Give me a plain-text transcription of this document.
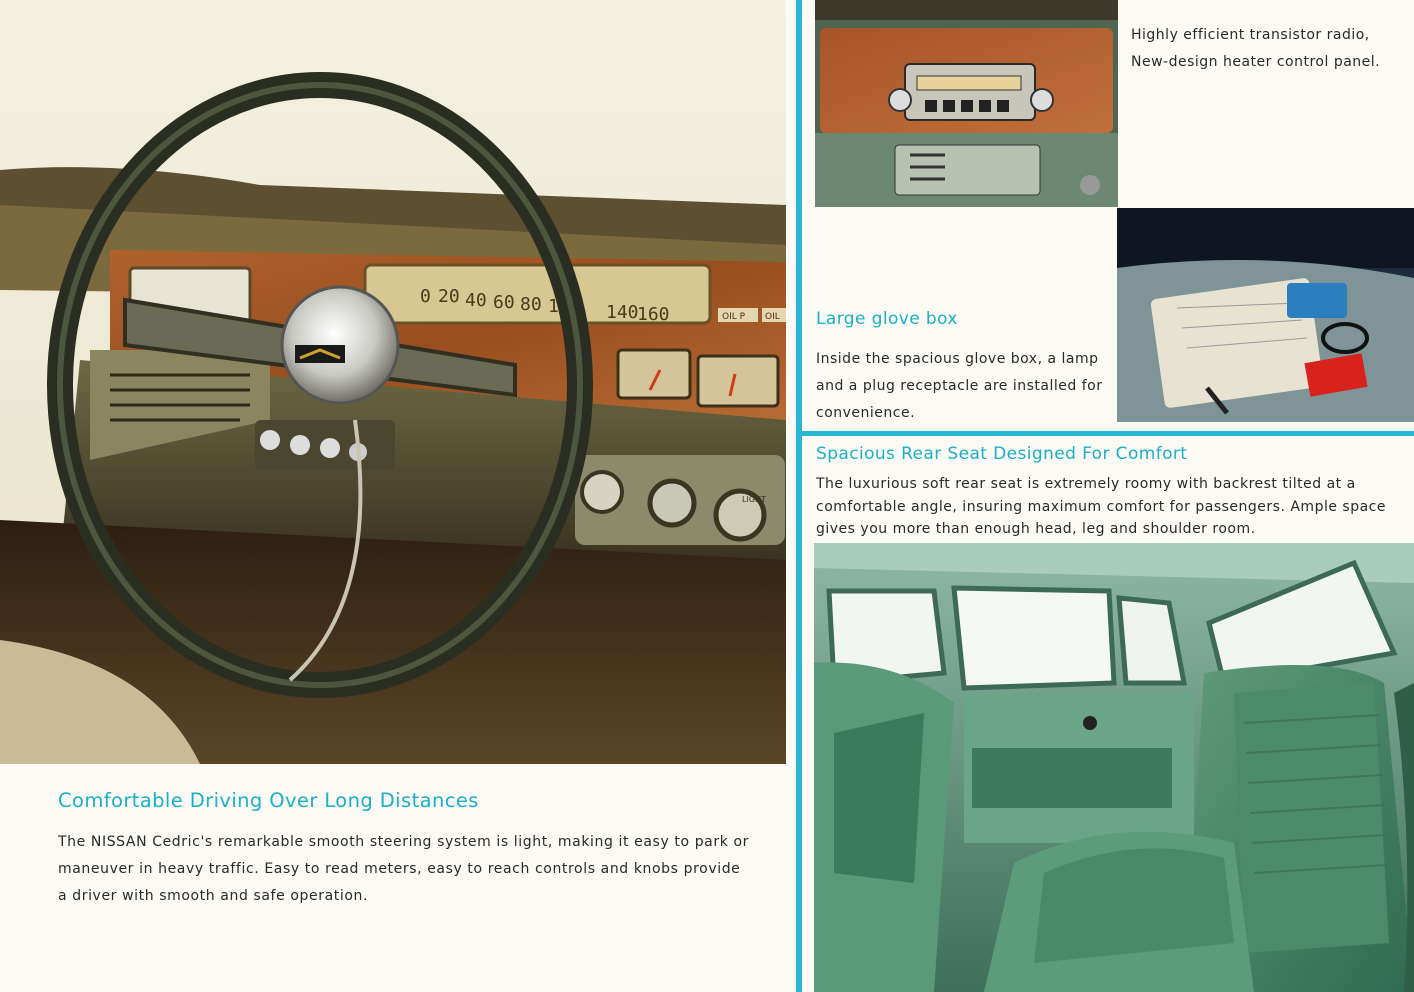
0 20 40 60 80 100 140
160	OIL P OIL
LIGHT
Comfortable Driving Over Long Distances
The NISSAN Cedric's remarkable smooth steering system is light, making it easy to park or
maneuver in heavy traffic. Easy to read meters, easy to reach controls and knobs provide
a driver with smooth and safe operation.
Highly efficient transistor radio,
New-design heater control panel.
Large glove box
Inside the spacious glove box, a lamp
and a plug receptacle are installed for
convenience.
Spacious Rear Seat Designed For Comfort
The luxurious soft rear seat is extremely roomy with backrest tilted at a
comfortable angle, insuring maximum comfort for passengers. Ample space
gives you more than enough head, leg and shoulder room.
